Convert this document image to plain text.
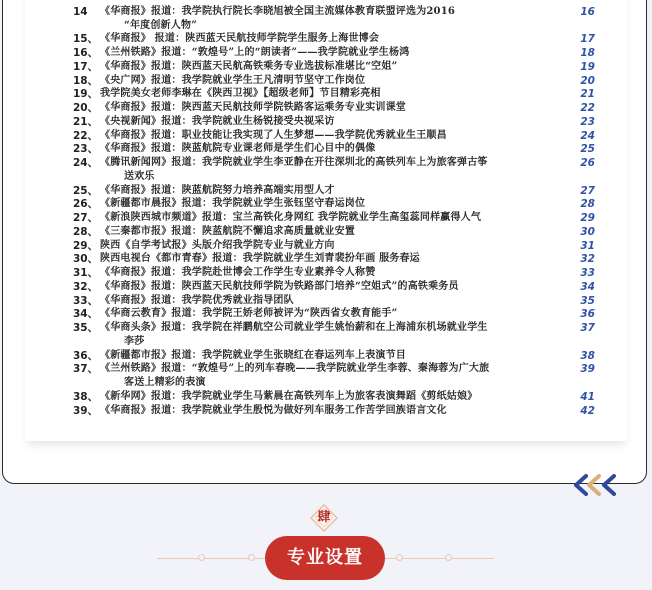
14	《华商报》报道：我学院执行院长李晓旭被全国主流媒体教育联盟评选为2016	16
“年度创新人物”
15、 《华商报》 报道：陕西蓝天民航技师学院学生服务上海世博会	17
16、 《兰州铁路》报道：“敦煌号”上的“朗读者”——我学院就业学生杨鸿	18
17、 《华商报》报道：陕西蓝天民航高铁乘务专业选拔标准堪比“空姐”	19
18、 《央广网》报道：我学院就业学生王凡清明节坚守工作岗位	20
19、 我学院美女老师李琳在《陕西卫视》【超级老师】节目精彩亮相	21
20、 《华商报》报道：陕西蓝天民航技师学院铁路客运乘务专业实训课堂	22
21、 《央视新闻》报道：我学院就业生杨锐接受央视采访	23
22、 《华商报》报道：职业技能让我实现了人生梦想——我学院优秀就业生王顺昌	24
23、 《华商报》报道：陕蓝航院专业课老师是学生们心目中的偶像	25
24、 《腾讯新闻网》报道：我学院就业学生李亚静在开往深圳北的高铁列车上为旅客弹古筝	26
送欢乐
25、 《华商报》报道：陕蓝航院努力培养高端实用型人才	27
26、 《新疆都市晨报》报道：我学院就业学生张钰坚守春运岗位	28
27、 《新浪陕西城市频道》报道：宝兰高铁化身网红 我学院就业学生高玺蕊同样赢得人气	29
28、 《三秦都市报》报道：陕蓝航院不懈追求高质量就业安置	30
29、 陕西《自学考试报》头版介绍我学院专业与就业方向	31
30、 陕西电视台《都市青春》报道：我学院就业学生刘青裴扮年画 服务春运	32
31、 《华商报》报道：我学院赴世博会工作学生专业素养令人称赞	33
32、 《华商报》报道：陕西蓝天民航技师学院为铁路部门培养“空姐式”的高铁乘务员	34
33、 《华商报》报道：我学院优秀就业指导团队	35
34、 《华商云教育》报道：我学院王娇老师被评为“陕西省女教育能手”	36
35、 《华商头条》报道：我学院在祥鹏航空公司就业学生姚怡薪和在上海浦东机场就业学生	37
李莎
36、 《新疆都市报》报道：我学院就业学生张晓红在春运列车上表演节目	38
37、 《兰州铁路》报道：“敦煌号”上的列车春晚——我学院就业学生李蓉、秦海蓉为广大旅	39
客送上精彩的表演
38、 《新华网》报道：我学院就业学生马紫晨在高铁列车上为旅客表演舞蹈《剪纸姑娘》	41
39、 《华商报》报道：我学院就业学生殷悦为做好列车服务工作苦学回族语言文化	42
肆
专业设置
